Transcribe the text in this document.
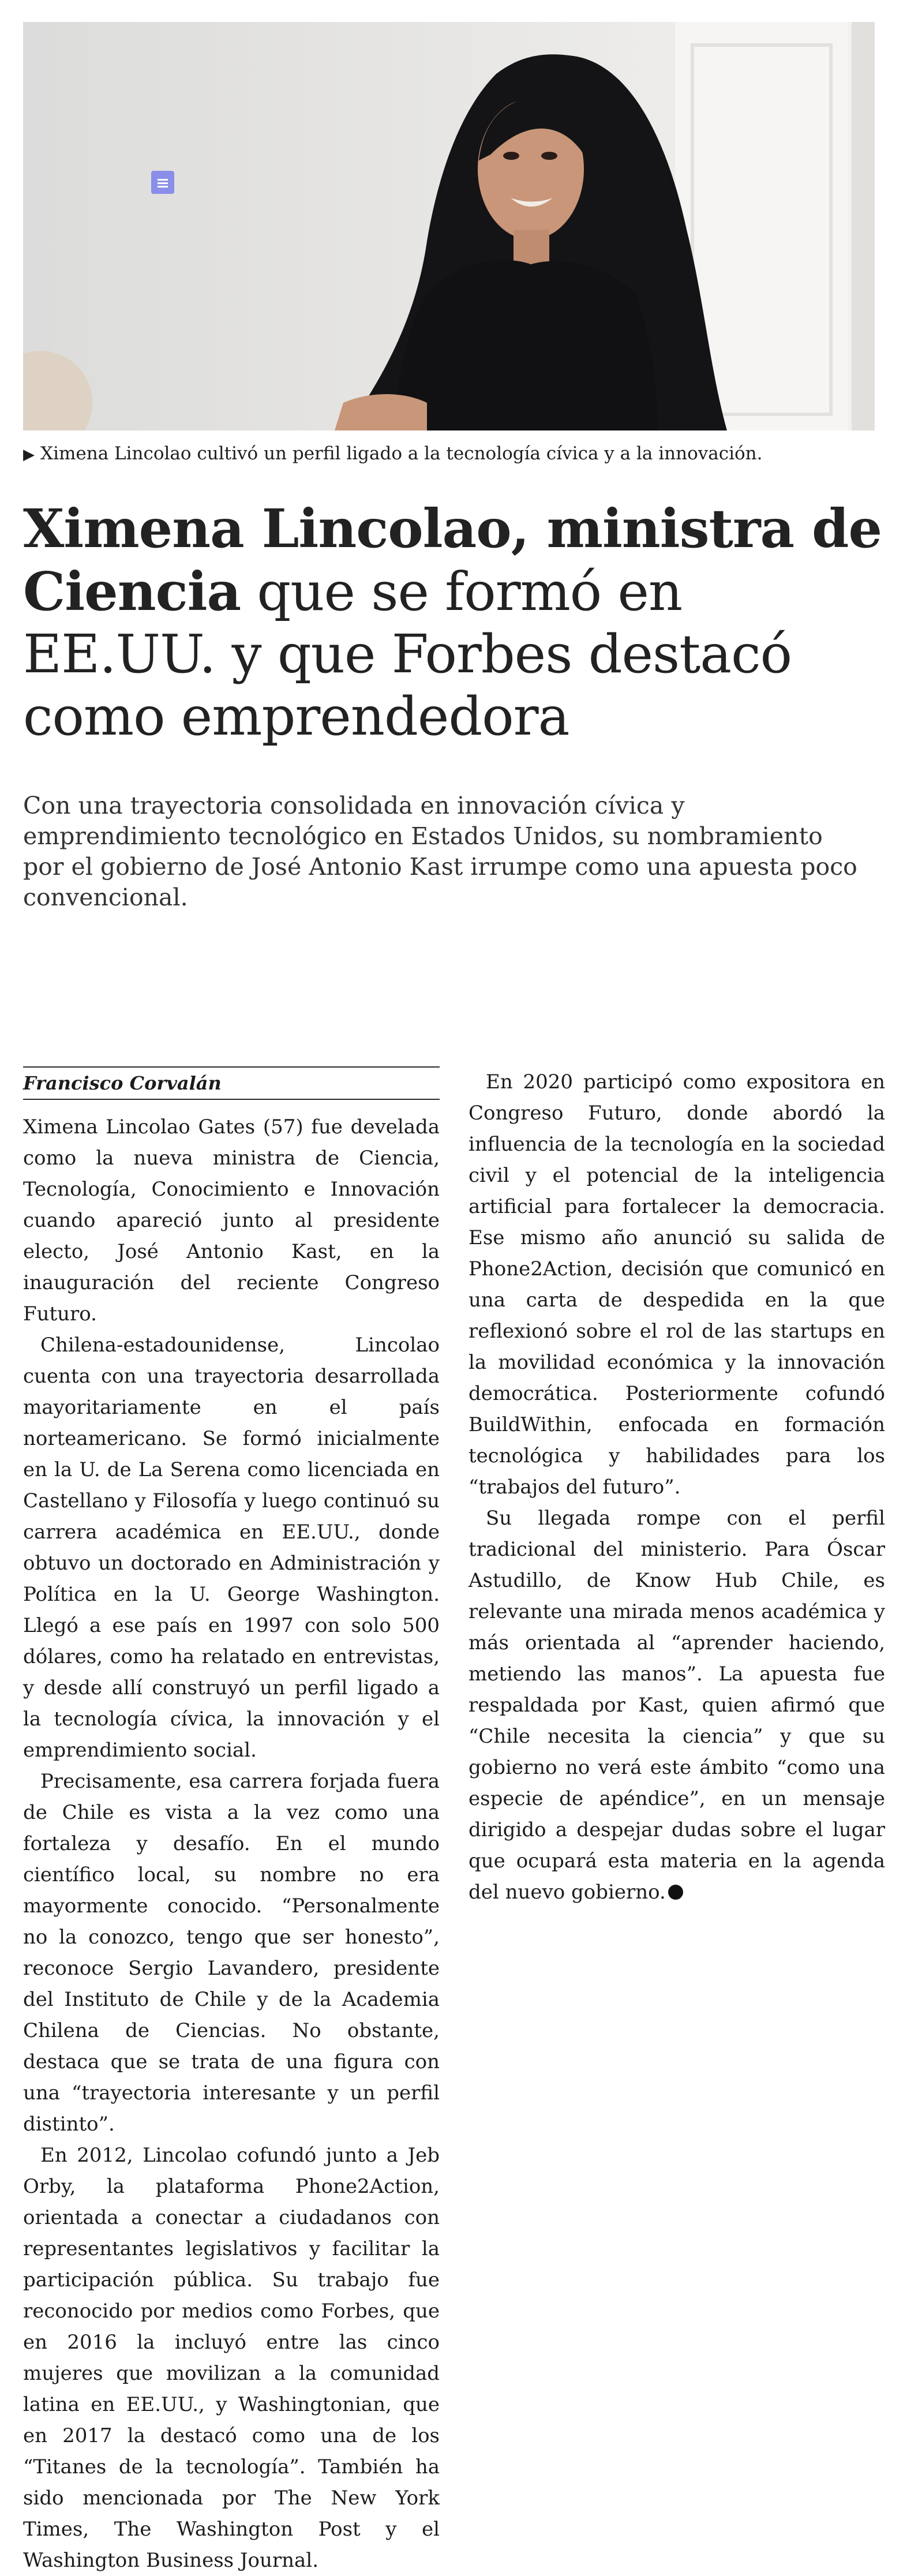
▶ Ximena Lincolao cultivó un perfil ligado a la tecnología cívica y a la innovación.
Ximena Lincolao, ministra de Ciencia que se formó en EE.UU. y que Forbes destacó como emprendedora

Con una trayectoria consolidada en innovación cívica y emprendimiento tecnológico en Estados Unidos, su nombramiento por el gobierno de José Antonio Kast irrumpe como una apuesta poco convencional.

Francisco Corvalán

Ximena Lincolao Gates (57) fue develada como la nueva ministra de Ciencia, Tecnología, Conocimiento e Innovación cuando apareció junto al presidente electo, José Antonio Kast, en la inauguración del reciente Congreso Futuro.

Chilena-estadounidense, Lincolao cuenta con una trayectoria desarrollada mayoritariamente en el país norteamericano. Se formó inicialmente en la U. de La Serena como licenciada en Castellano y Filosofía y luego continuó su carrera académica en EE.UU., donde obtuvo un doctorado en Administración y Política en la U. George Washington. Llegó a ese país en 1997 con solo 500 dólares, como ha relatado en entrevistas, y desde allí construyó un perfil ligado a la tecnología cívica, la innovación y el emprendimiento social.

Precisamente, esa carrera forjada fuera de Chile es vista a la vez como una fortaleza y desafío. En el mundo científico local, su nombre no era mayormente conocido. “Personalmente no la conozco, tengo que ser honesto”, reconoce Sergio Lavandero, presidente del Instituto de Chile y de la Academia Chilena de Ciencias. No obstante, destaca que se trata de una figura con una “trayectoria interesante y un perfil distinto”.

En 2012, Lincolao cofundó junto a Jeb Orby, la plataforma Phone2Action, orientada a conectar a ciudadanos con representantes legislativos y facilitar la participación pública. Su trabajo fue reconocido por medios como Forbes, que en 2016 la incluyó entre las cinco mujeres que movilizan a la comunidad latina en EE.UU., y Washingtonian, que en 2017 la destacó como una de los “Titanes de la tecnología”. También ha sido mencionada por The New York Times, The Washington Post y el Washington Business Journal.

En 2020 participó como expositora en Congreso Futuro, donde abordó la influencia de la tecnología en la sociedad civil y el potencial de la inteligencia artificial para fortalecer la democracia. Ese mismo año anunció su salida de Phone2Action, decisión que comunicó en una carta de despedida en la que reflexionó sobre el rol de las startups en la movilidad económica y la innovación democrática. Posteriormente cofundó BuildWithin, enfocada en formación tecnológica y habilidades para los “trabajos del futuro”.

Su llegada rompe con el perfil tradicional del ministerio. Para Óscar Astudillo, de Know Hub Chile, es relevante una mirada menos académica y más orientada al “aprender haciendo, metiendo las manos”. La apuesta fue respaldada por Kast, quien afirmó que “Chile necesita la ciencia” y que su gobierno no verá este ámbito “como una especie de apéndice”, en un mensaje dirigido a despejar dudas sobre el lugar que ocupará esta materia en la agenda del nuevo gobierno.
